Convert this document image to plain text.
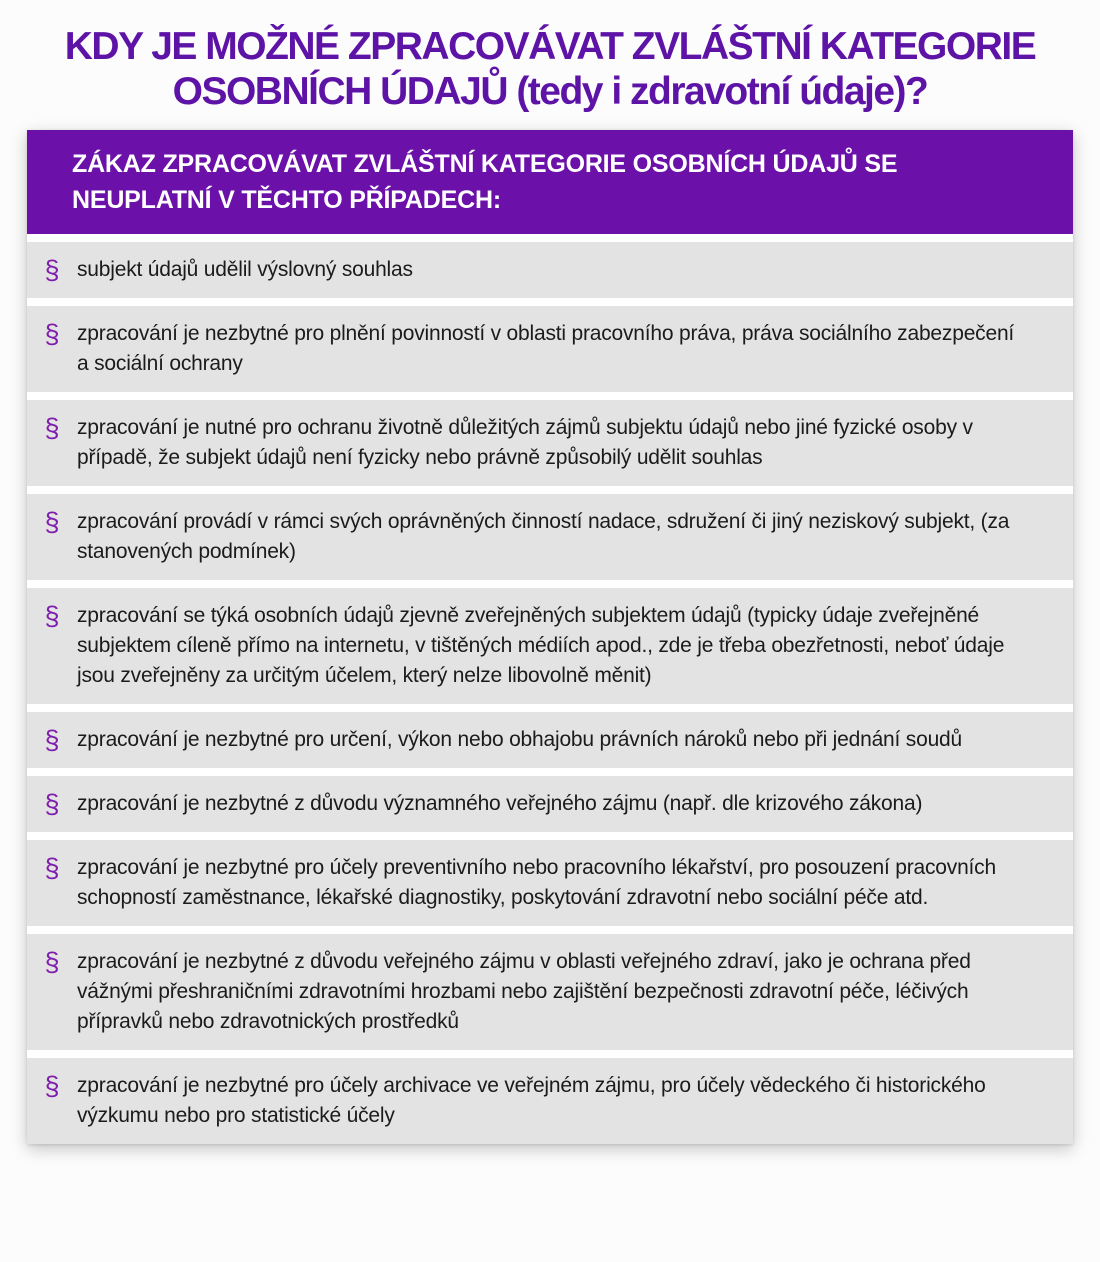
KDY JE MOŽNÉ ZPRACOVÁVAT ZVLÁŠTNÍ KATEGORIE
OSOBNÍCH ÚDAJŮ (tedy i zdravotní údaje)?
ZÁKAZ ZPRACOVÁVAT ZVLÁŠTNÍ KATEGORIE OSOBNÍCH ÚDAJŮ SE
NEUPLATNÍ V TĚCHTO PŘÍPADECH:
§ subjekt údajů udělil výslovný souhlas

§ zpracování je nezbytné pro plnění povinností v oblasti pracovního práva, práva sociálního zabezpečení a sociální ochrany

§ zpracování je nutné pro ochranu životně důležitých zájmů subjektu údajů nebo jiné fyzické osoby v případě, že subjekt údajů není fyzicky nebo právně způsobilý udělit souhlas

§ zpracování provádí v rámci svých oprávněných činností nadace, sdružení či jiný neziskový subjekt, (za stanovených podmínek)

§ zpracování se týká osobních údajů zjevně zveřejněných subjektem údajů (typicky údaje zveřejněné subjektem cíleně přímo na internetu, v tištěných médiích apod., zde je třeba obezřetnosti, neboť údaje jsou zveřejněny za určitým účelem, který nelze libovolně měnit)

§ zpracování je nezbytné pro určení, výkon nebo obhajobu právních nároků nebo při jednání soudů

§ zpracování je nezbytné z důvodu významného veřejného zájmu (např. dle krizového zákona)

§ zpracování je nezbytné pro účely preventivního nebo pracovního lékařství, pro posouzení pracovních schopností zaměstnance, lékařské diagnostiky, poskytování zdravotní nebo sociální péče atd.

§ zpracování je nezbytné z důvodu veřejného zájmu v oblasti veřejného zdraví, jako je ochrana před vážnými přeshraničními zdravotními hrozbami nebo zajištění bezpečnosti zdravotní péče, léčivých přípravků nebo zdravotnických prostředků

§ zpracování je nezbytné pro účely archivace ve veřejném zájmu, pro účely vědeckého či historického výzkumu nebo pro statistické účely
